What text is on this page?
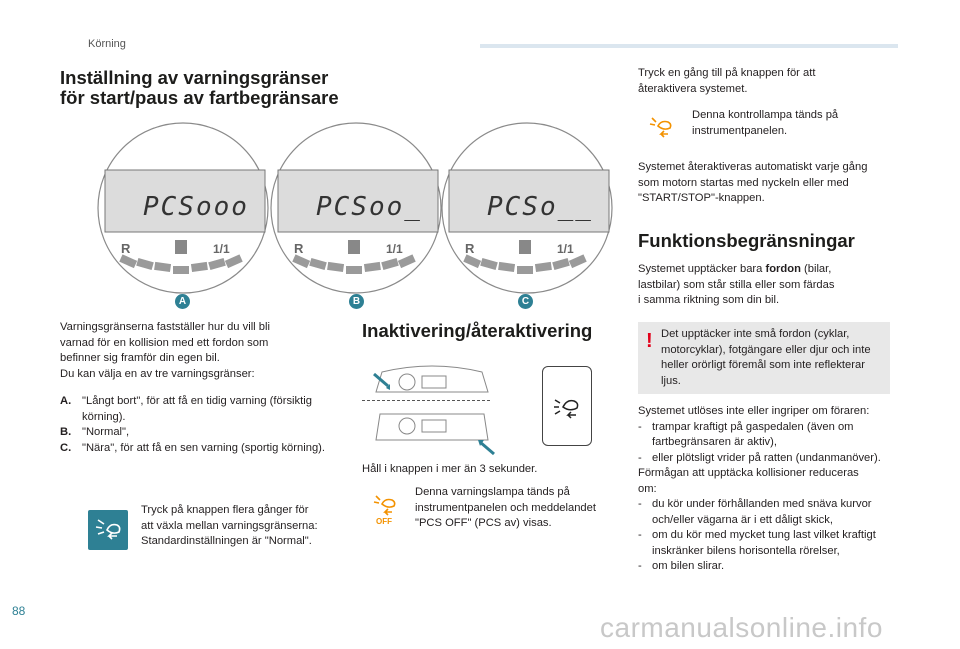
Körning
Inställning av varningsgränser
för start/paus av fartbegränsare
PCSooo
R	1/1
PCSoo_
R	1/1
PCSo__
R	1/1
A	B	C
Varningsgränserna fastställer hur du vill bli
varnad för en kollision med ett fordon som
befinner sig framför din egen bil.
Du kan välja en av tre varningsgränser:
A. "Långt bort", för att få en tidig varning (försiktig körning).
B. "Normal",
C. "Nära", för att få en sen varning (sportig körning).
Tryck på knappen flera gånger för
att växla mellan varningsgränserna:
Standardinställningen är "Normal".
Inaktivering/återaktivering
Håll i knappen i mer än 3 sekunder.
OFF
Denna varningslampa tänds på
instrumentpanelen och meddelandet
"PCS OFF" (PCS av) visas.
Tryck en gång till på knappen för att
återaktivera systemet.
Denna kontrollampa tänds på
instrumentpanelen.
Systemet återaktiveras automatiskt varje gång
som motorn startas med nyckeln eller med
"START/STOP"-knappen.
Funktionsbegränsningar
Systemet upptäcker bara fordon (bilar,
lastbilar) som står stilla eller som färdas
i samma riktning som din bil.
! Det upptäcker inte små fordon (cyklar,
motorcyklar), fotgängare eller djur och inte
heller orörligt föremål som inte reflekterar
ljus.
Systemet utlöses inte eller ingriper om föraren:
- trampar kraftigt på gaspedalen (även om fartbegränsaren är aktiv),
- eller plötsligt vrider på ratten (undanmanöver).
Förmågan att upptäcka kollisioner reduceras
om:
- du kör under förhållanden med snäva kurvor och/eller vägarna är i ett dåligt skick,
- om du kör med mycket tung last vilket kraftigt inskränker bilens horisontella rörelser,
- om bilen slirar.
88
carmanualsonline.info
